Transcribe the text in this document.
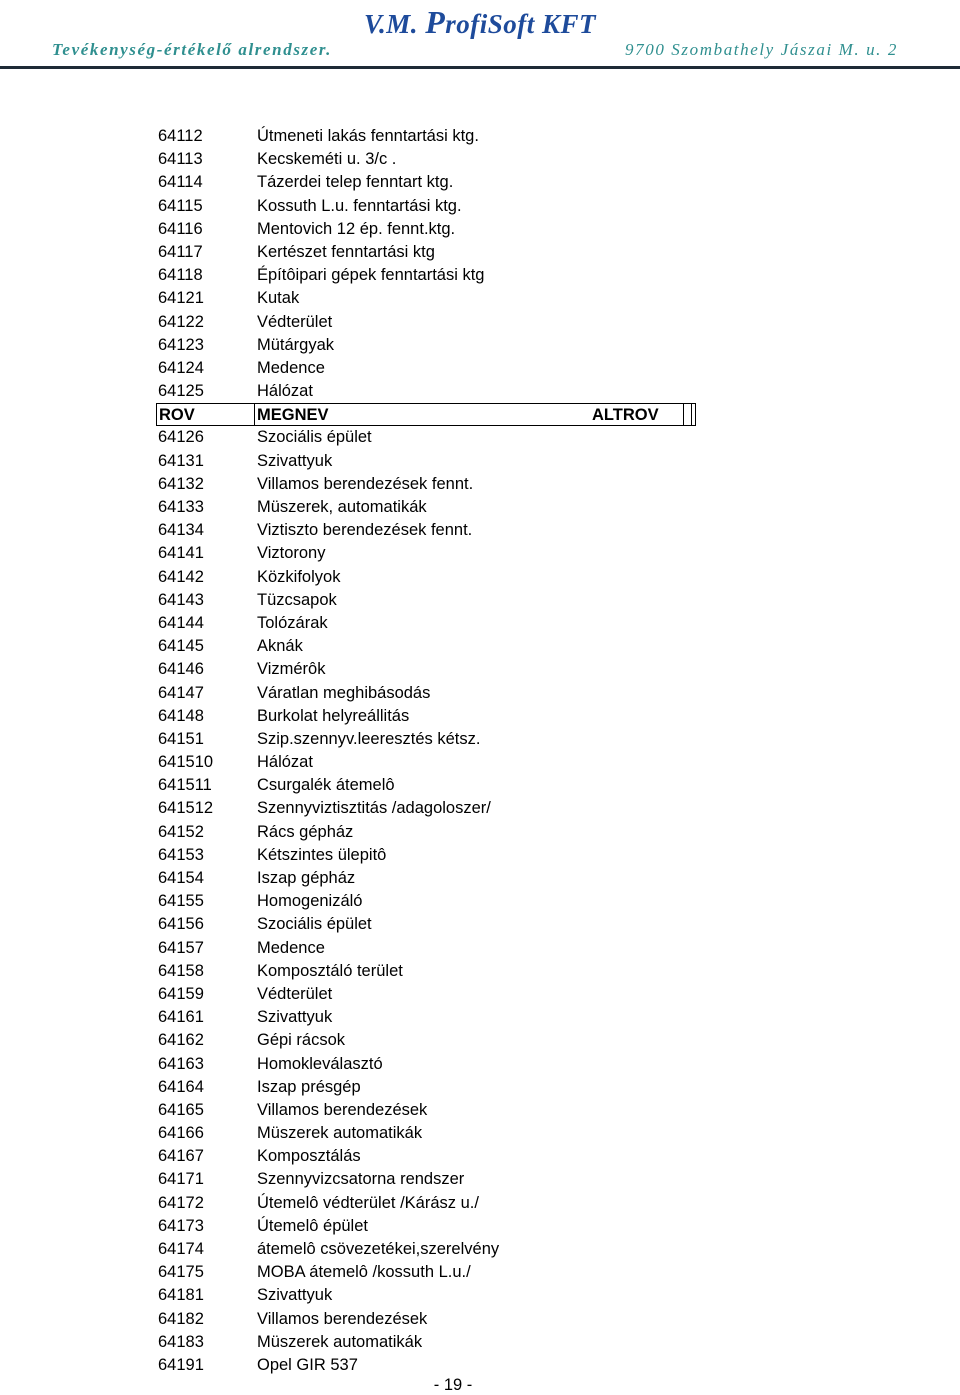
V.M. ProfiSoft KFT
Tevékenység-értékelő alrendszer.	9700 Szombathely Jászai M. u. 2
64112	Útmeneti lakás fenntartási ktg.
64113	Kecskeméti u. 3/c .
64114	Tázerdei telep fenntart ktg.
64115	Kossuth L.u. fenntartási ktg.
64116	Mentovich 12 ép. fennt.ktg.
64117	Kertészet fenntartási ktg
64118	Építôipari gépek fenntartási ktg
64121	Kutak
64122	Védterület
64123	Mütárgyak
64124	Medence
64125	Hálózat
ROV	MEGNEV	ALTROV
64126	Szociális épület
64131	Szivattyuk
64132	Villamos berendezések fennt.
64133	Müszerek, automatikák
64134	Viztiszto berendezések fennt.
64141	Viztorony
64142	Közkifolyok
64143	Tüzcsapok
64144	Tolózárak
64145	Aknák
64146	Vizmérôk
64147	Váratlan meghibásodás
64148	Burkolat helyreállitás
64151	Szip.szennyv.leeresztés kétsz.
641510	Hálózat
641511	Csurgalék átemelô
641512	Szennyviztisztitás /adagoloszer/
64152	Rács gépház
64153	Kétszintes ülepitô
64154	Iszap gépház
64155	Homogenizáló
64156	Szociális épület
64157	Medence
64158	Komposztáló terület
64159	Védterület
64161	Szivattyuk
64162	Gépi rácsok
64163	Homokleválasztó
64164	Iszap présgép
64165	Villamos berendezések
64166	Müszerek automatikák
64167	Komposztálás
64171	Szennyvizcsatorna rendszer
64172	Útemelô védterület /Kárász u./
64173	Útemelô épület
64174	átemelô csövezetékei,szerelvény
64175	MOBA átemelô /kossuth L.u./
64181	Szivattyuk
64182	Villamos berendezések
64183	Müszerek automatikák
64191	Opel GIR 537
- 19 -
